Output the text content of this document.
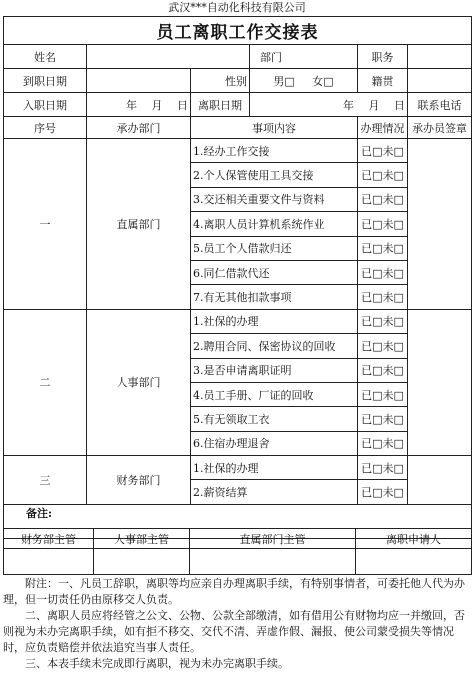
武汉***自动化科技有限公司
员工离职工作交接表					
姓名			部门	职务	
到职日期		性别	男□ 女□	籍贯	
入职日期	年　 月　 日	离职日期	年　 月　 日		联系电话
序号	承办部门	事项内容		办理情况	承办员签章
一	直属部门	1.经办工作交接		已□未□	
		2.个人保管使用工具交接		已□未□	
		3.交还相关重要文件与资料		已□未□	
		4.离职人员计算机系统作业		已□未□	
		5.员工个人借款归还		已□未□	
		6.同仁借款代还		已□未□	
		7.有无其他扣款事项		已□未□	
二	人事部门	1.社保的办理		已□未□	
		2.聘用合同、保密协议的回收		已□未□	
		3.是否申请离职证明		已□未□	
		4.员工手册、厂证的回收		已□未□	
		5.有无领取工衣		已□未□	
		6.住宿办理退舍		已□未□	
三	财务部门	1.社保的办理		已□未□	
		2.薪资结算		已□未□	
备注:					
财务部主管	人事部主管	直属部门主管	离职申请人

附注：一、凡员工辞职，离职等均应亲自办理离职手续，有特别事情者，可委托他人代为办理，但一切责任仍由原移交人负责。

二、离职人员应将经管之公文、公物、公款全部缴清，如有借用公有财物均应一并缴回，否则视为未办完离职手续，如有拒不移交、交代不清、弄虚作假、漏报、使公司蒙受损失等情况时，应负责赔偿并依法追究当事人责任。

三、本表手续未完成即行离职，视为未办完离职手续。
